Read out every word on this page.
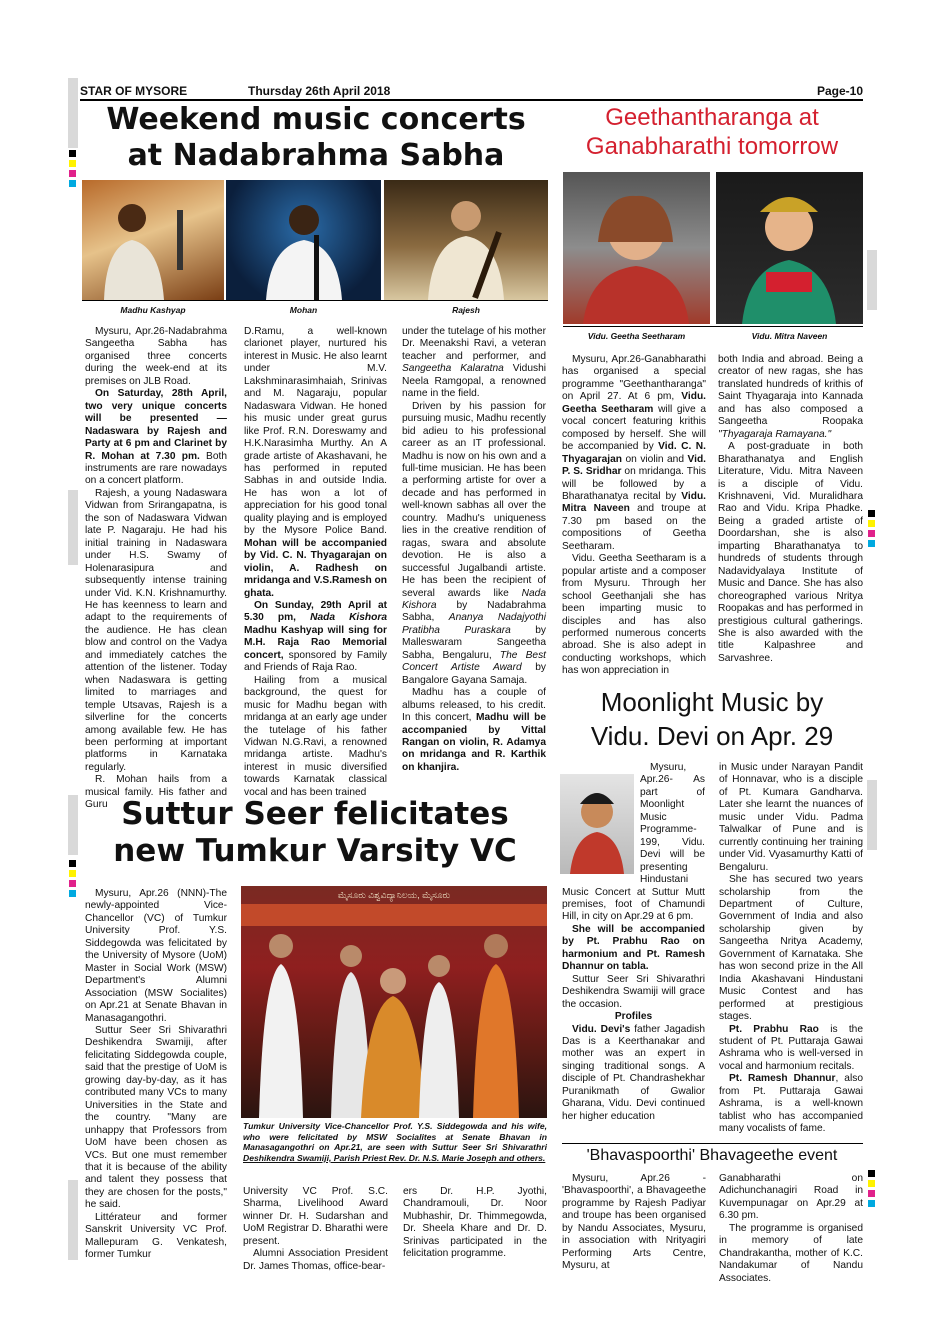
STAR OF MYSORE	Thursday 26th April 2018	Page-10
Weekend music concerts
at Nadabrahma Sabha
Madhu Kashyap	Mohan	Rajesh

Mysuru, Apr.26-Nadabrahma Sangeetha Sabha has organised three concerts during the week-end at its premises on JLB Road.

On Saturday, 28th April, two very unique concerts will be presented — Nadaswara by Rajesh and Party at 6 pm and Clarinet by R. Mohan at 7.30 pm. Both instruments are rare nowadays on a concert platform.

Rajesh, a young Nadaswara Vidwan from Srirangapatna, is the son of Nadaswara Vidwan late P. Nagaraju. He had his initial training in Nadaswara under H.S. Swamy of Holenarasipura and subsequently intense training under Vid. K.N. Krishnamurthy. He has keenness to learn and adapt to the requirements of the audience. He has clean blow and control on the Vadya and immediately catches the attention of the listener. Today when Nadaswara is getting limited to marriages and temple Utsavas, Rajesh is a silverline for the concerts among available few. He has been performing at important platforms in Karnataka regularly.

R. Mohan hails from a musical family. His father and Guru

D.Ramu, a well-known clarionet player, nurtured his interest in Music. He also learnt under M.V. Lakshminarasimhaiah, Srinivas and M. Nagaraju, popular Nadaswara Vidwan. He honed his music under great gurus like Prof. R.N. Doreswamy and H.K.Narasimha Murthy. An A grade artiste of Akashavani, he has performed in reputed Sabhas in and outside India. He has won a lot of appreciation for his good tonal quality playing and is employed by the Mysore Police Band. Mohan will be accompanied by Vid. C. N. Thyagarajan on violin, A. Radhesh on mridanga and V.S.Ramesh on ghata.

On Sunday, 29th April at 5.30 pm, Nada Kishora Madhu Kashyap will sing for M.H. Raja Rao Memorial concert, sponsored by Family and Friends of Raja Rao.

Hailing from a musical background, the quest for music for Madhu began with mridanga at an early age under the tutelage of his father Vidwan N.G.Ravi, a renowned mridanga artiste. Madhu's interest in music diversified towards Karnatak classical vocal and has been trained

under the tutelage of his mother Dr. Meenakshi Ravi, a veteran teacher and performer, and Sangeetha Kalaratna Vidushi Neela Ramgopal, a renowned name in the field.

Driven by his passion for pursuing music, Madhu recently bid adieu to his professional career as an IT professional. Madhu is now on his own and a full-time musician. He has been a performing artiste for over a decade and has performed in well-known sabhas all over the country. Madhu's uniqueness lies in the creative rendition of ragas, swara and absolute devotion. He is also a successful Jugalbandi artiste. He has been the recipient of several awards like Nada Kishora by Nadabrahma Sabha, Ananya Nadajyothi Pratibha Puraskara by Malleswaram Sangeetha Sabha, Bengaluru, The Best Concert Artiste Award by Bangalore Gayana Samaja.

Madhu has a couple of albums released, to his credit. In this concert, Madhu will be accompanied by Vittal Rangan on violin, R. Adamya on mridanga and R. Karthik on khanjira.

Geethantharanga at
Ganabharathi tomorrow
Vidu. Geetha Seetharam	Vidu. Mitra Naveen

Mysuru, Apr.26-Ganabharathi has organised a special programme "Geethantharanga" on April 27. At 6 pm, Vidu. Geetha Seetharam will give a vocal concert featuring krithis composed by herself. She will be accompanied by Vid. C. N. Thyagarajan on violin and Vid. P. S. Sridhar on mridanga. This will be followed by a Bharathanatya recital by Vidu. Mitra Naveen and troupe at 7.30 pm based on the compositions of Geetha Seetharam.

Vidu. Geetha Seetharam is a popular artiste and a composer from Mysuru. Through her school Geethanjali she has been imparting music to disciples and has also performed numerous concerts abroad. She is also adept in conducting workshops, which has won appreciation in

both India and abroad. Being a creator of new ragas, she has translated hundreds of krithis of Saint Thyagaraja into Kannada and has also composed a Sangeetha Roopaka "Thyagaraja Ramayana."

A post-graduate in both Bharathanatya and English Literature, Vidu. Mitra Naveen is a disciple of Vidu. Krishnaveni, Vid. Muralidhara Rao and Vidu. Kripa Phadke. Being a graded artiste of Doordarshan, she is also imparting Bharathanatya to hundreds of students through Nadavidyalaya Institute of Music and Dance. She has also choreographed various Nritya Roopakas and has performed in prestigious cultural gatherings. She is also awarded with the title Kalpashree and Sarvashree.

Moonlight Music by
Vidu. Devi on Apr. 29

Mysuru, Apr.26- As part of Moonlight Music Programme-199, Vidu. Devi will be presenting Hindustani Music Concert at Suttur Mutt premises, foot of Chamundi Hill, in city on Apr.29 at 6 pm.

She will be accompanied by Pt. Prabhu Rao on harmonium and Pt. Ramesh Dhannur on tabla.

Suttur Seer Sri Shivarathri Deshikendra Swamiji will grace the occasion.

Profiles

Vidu. Devi's father Jagadish Das is a Keerthanakar and mother was an expert in singing traditional songs. A disciple of Pt. Chandrashekhar Puranikmath of Gwalior Gharana, Vidu. Devi continued her higher education

in Music under Narayan Pandit of Honnavar, who is a disciple of Pt. Kumara Gandharva. Later she learnt the nuances of music under Vidu. Padma Talwalkar of Pune and is currently continuing her training under Vid. Vyasamurthy Katti of Bengaluru.

She has secured two years scholarship from the Department of Culture, Government of India and also scholarship given by Sangeetha Nritya Academy, Government of Karnataka. She has won second prize in the All India Akashavani Hindustani Music Contest and has performed at prestigious stages.

Pt. Prabhu Rao is the student of Pt. Puttaraja Gawai Ashrama who is well-versed in vocal and harmonium recitals.

Pt. Ramesh Dhannur, also from Pt. Puttaraja Gawai Ashrama, is a well-known tablist who has accompanied many vocalists of fame.

Suttur Seer felicitates
new Tumkur Varsity VC

Mysuru, Apr.26 (NNN)-The newly-appointed Vice-Chancellor (VC) of Tumkur University Prof. Y.S. Siddegowda was felicitated by the University of Mysore (UoM) Master in Social Work (MSW) Department's Alumni Association (MSW Socialites) on Apr.21 at Senate Bhavan in Manasagangothri.

Suttur Seer Sri Shivarathri Deshikendra Swamiji, after felicitating Siddegowda couple, said that the prestige of UoM is growing day-by-day, as it has contributed many VCs to many Universities in the State and the country. "Many are unhappy that Professors from UoM have been chosen as VCs. But one must remember that it is because of the ability and talent they possess that they are chosen for the posts," he said.

Littérateur and former Sanskrit University VC Prof. Mallepuram G. Venkatesh, former Tumkur

ಮೈಸೂರು ವಿಶ್ವವಿದ್ಯಾನಿಲಯ, ಮೈಸೂರು
Tumkur University Vice-Chancellor Prof. Y.S. Siddegowda and his wife, who were felicitated by MSW Socialites at Senate Bhavan in Manasagangothri on Apr.21, are seen with Suttur Seer Sri Shivarathri Deshikendra Swamiji, Parish Priest Rev. Dr. N.S. Marie Joseph and others.

University VC Prof. S.C. Sharma, Livelihood Award winner Dr. H. Sudarshan and UoM Registrar D. Bharathi were present.

Alumni Association President Dr. James Thomas, office-bear-

ers Dr. H.P. Jyothi, Chandramouli, Dr. Noor Mubhashir, Dr. Thimmegowda, Dr. Sheela Khare and Dr. D. Srinivas participated in the felicitation programme.

'Bhavaspoorthi' Bhavageethe event

Mysuru, Apr.26 - 'Bhavaspoorthi', a Bhavageethe programme by Rajesh Padiyar and troupe has been organised by Nandu Associates, Mysuru, in association with Nrityagiri Performing Arts Centre, Mysuru, at

Ganabharathi on Adichunchanagiri Road in Kuvempunagar on Apr.29 at 6.30 pm.

The programme is organised in memory of late Chandrakantha, mother of K.C. Nandakumar of Nandu Associates.
